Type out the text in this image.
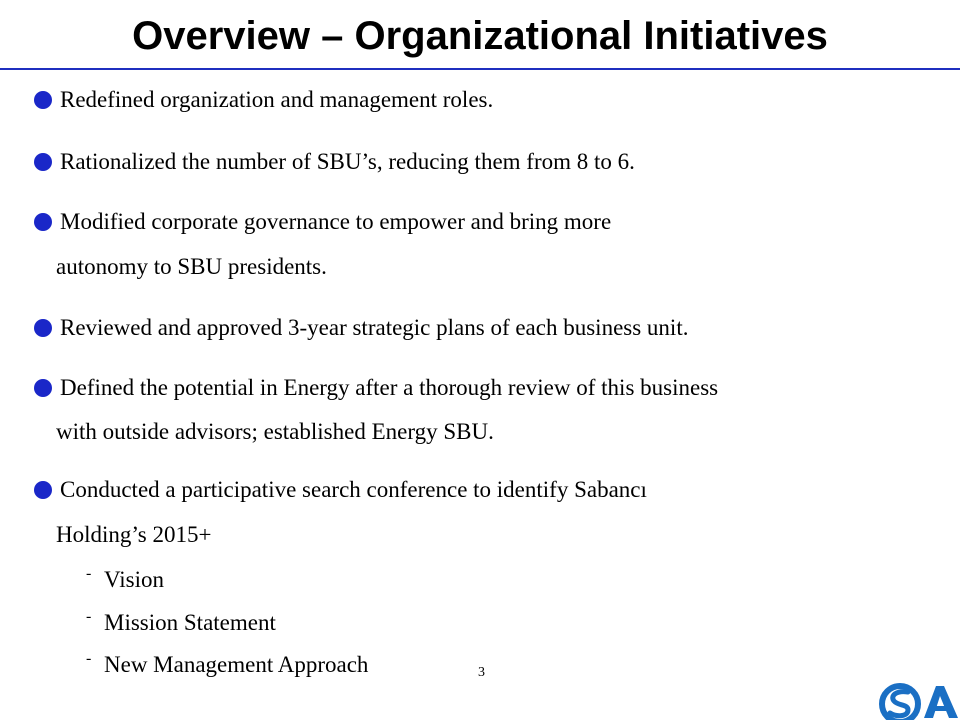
Overview – Organizational Initiatives
Redefined organization and management roles.
Rationalized the number of SBU’s, reducing them from 8 to 6.
Modified corporate governance to empower and bring more
autonomy to SBU presidents.
Reviewed and approved 3-year strategic plans of each business unit.
Defined the potential in Energy after a thorough review of this business
with outside advisors; established Energy SBU.
Conducted a participative search conference to identify Sabancı
Holding’s 2015+
- Vision
- Mission Statement
- New Management Approach	3
